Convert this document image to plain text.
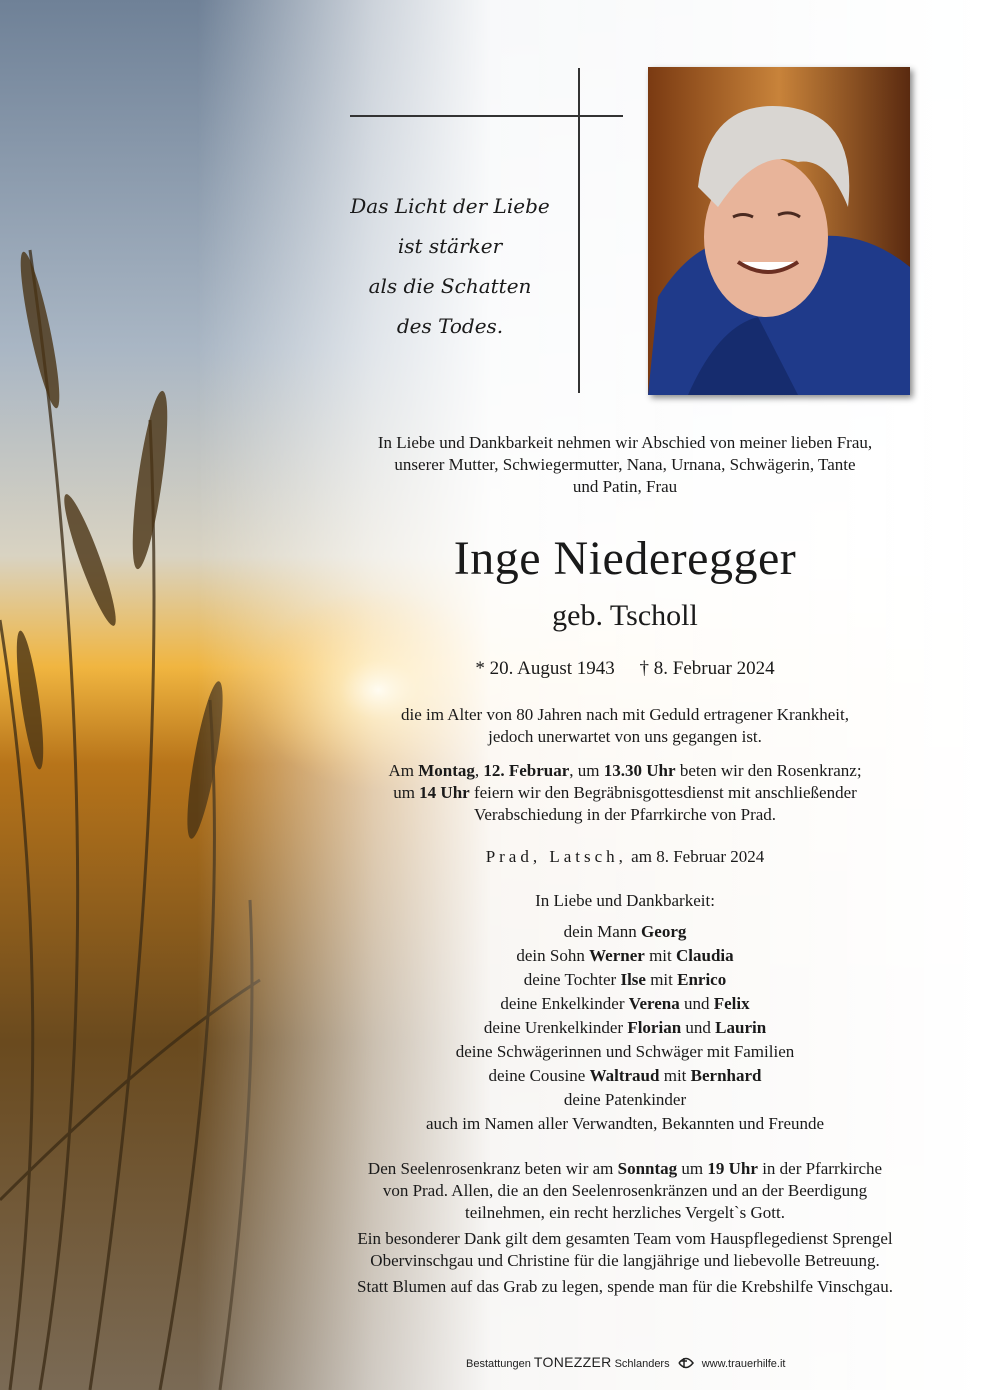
Das Licht der Liebe
ist stärker
als die Schatten
des Todes.
In Liebe und Dankbarkeit nehmen wir Abschied von meiner lieben Frau,
unserer Mutter, Schwiegermutter, Nana, Urnana, Schwägerin, Tante
und Patin, Frau
Inge Niederegger
geb. Tscholl
* 20. August 1943 † 8. Februar 2024
die im Alter von 80 Jahren nach mit Geduld ertragener Krankheit,
jedoch unerwartet von uns gegangen ist.
Am Montag, 12. Februar, um 13.30 Uhr beten wir den Rosenkranz;
um 14 Uhr feiern wir den Begräbnisgottesdienst mit anschließender
Verabschiedung in der Pfarrkirche von Prad.
Prad, Latsch, am 8. Februar 2024
In Liebe und Dankbarkeit:
dein Mann Georg
dein Sohn Werner mit Claudia
deine Tochter Ilse mit Enrico
deine Enkelkinder Verena und Felix
deine Urenkelkinder Florian und Laurin
deine Schwägerinnen und Schwäger mit Familien
deine Cousine Waltraud mit Bernhard
deine Patenkinder
auch im Namen aller Verwandten, Bekannten und Freunde
Den Seelenrosenkranz beten wir am Sonntag um 19 Uhr in der Pfarrkirche
von Prad. Allen, die an den Seelenrosenkränzen und an der Beerdigung
teilnehmen, ein recht herzliches Vergelt`s Gott.
Ein besonderer Dank gilt dem gesamten Team vom Hauspflegedienst Sprengel
Obervinschgau und Christine für die langjährige und liebevolle Betreuung.
Statt Blumen auf das Grab zu legen, spende man für die Krebshilfe Vinschgau.
Bestattungen TONEZZER Schlanders	www.trauerhilfe.it
